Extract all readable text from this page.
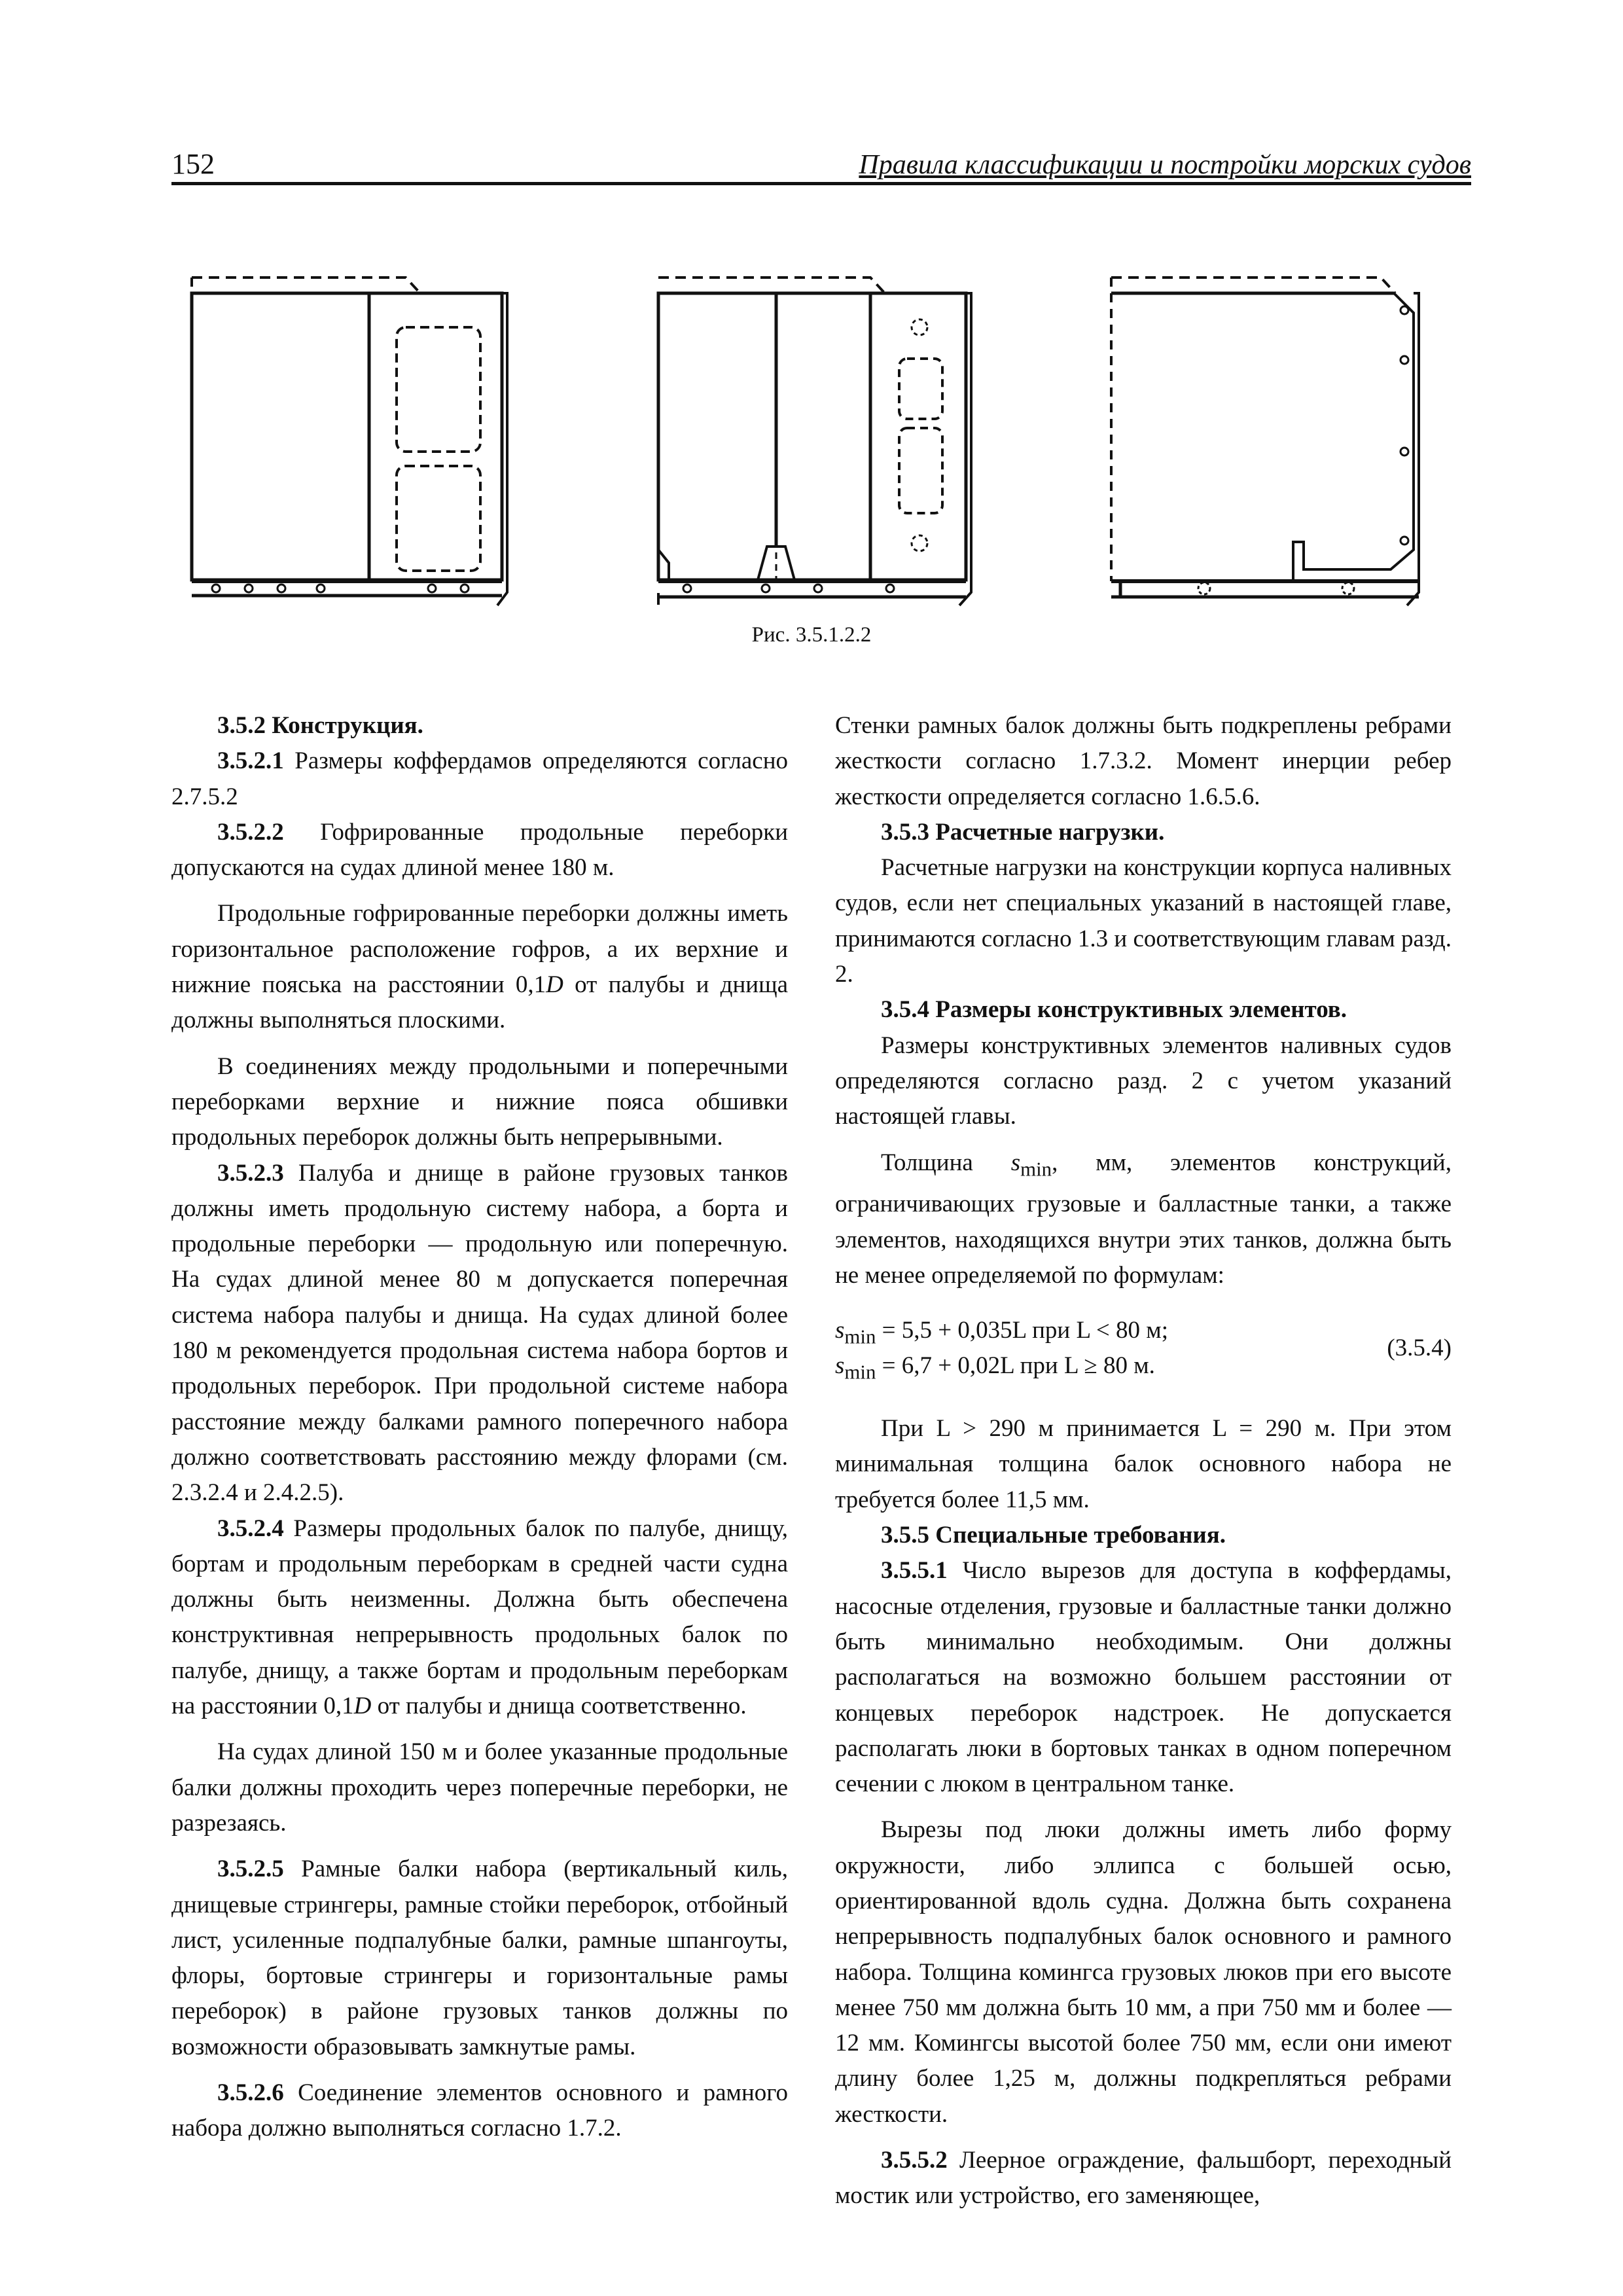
152	Правила классификации и постройки морских судов
Рис. 3.5.1.2.2

3.5.2 Конструкция.

3.5.2.1 Размеры коффердамов определяются согласно 2.7.5.2

3.5.2.2 Гофрированные продольные переборки допускаются на судах длиной менее 180 м.

Продольные гофрированные переборки должны иметь горизонтальное расположение гофров, а их верхние и нижние пояська на расстоянии 0,1D от палубы и днища должны выполняться плоскими.

В соединениях между продольными и поперечными переборками верхние и нижние пояса обшивки продольных переборок должны быть непрерывными.

3.5.2.3 Палуба и днище в районе грузовых танков должны иметь продольную систему набора, а борта и продольные переборки — продольную или поперечную. На судах длиной менее 80 м допускается поперечная система набора палубы и днища. На судах длиной более 180 м рекомендуется продольная система набора бортов и продольных переборок. При продольной системе набора расстояние между балками рамного поперечного набора должно соответствовать расстоянию между флорами (см. 2.3.2.4 и 2.4.2.5).

3.5.2.4 Размеры продольных балок по палубе, днищу, бортам и продольным переборкам в средней части судна должны быть неизменны. Должна быть обеспечена конструктивная непрерывность продольных балок по палубе, днищу, а также бортам и продольным переборкам на расстоянии 0,1D от палубы и днища соответственно.

На судах длиной 150 м и более указанные продольные балки должны проходить через поперечные переборки, не разрезаясь.

3.5.2.5 Рамные балки набора (вертикальный киль, днищевые стрингеры, рамные стойки переборок, отбойный лист, усиленные подпалубные балки, рамные шпангоуты, флоры, бортовые стрингеры и горизонтальные рамы переборок) в районе грузовых танков должны по возможности образовывать замкнутые рамы.

3.5.2.6 Соединение элементов основного и рамного набора должно выполняться согласно 1.7.2.

Стенки рамных балок должны быть подкреплены ребрами жесткости согласно 1.7.3.2. Момент инерции ребер жесткости определяется согласно 1.6.5.6.

3.5.3 Расчетные нагрузки.

Расчетные нагрузки на конструкции корпуса наливных судов, если нет специальных указаний в настоящей главе, принимаются согласно 1.3 и соответствующим главам разд. 2.

3.5.4 Размеры конструктивных элементов.

Размеры конструктивных элементов наливных судов определяются согласно разд. 2 с учетом указаний настоящей главы.

Толщина $s_{min}$, мм, элементов конструкций, ограничивающих грузовые и балластные танки, а также элементов, находящихся внутри этих танков, должна быть не менее определяемой по формулам:

$s_{min} = 5,5 + 0,035L$ при L < 80 м;
$s_{min} = 6,7 + 0,02L$ при L ≥ 80 м.
(3.5.4)

При L > 290 м принимается L = 290 м. При этом минимальная толщина балок основного набора не требуется более 11,5 мм.

3.5.5 Специальные требования.

3.5.5.1 Число вырезов для доступа в коффердамы, насосные отделения, грузовые и балластные танки должно быть минимально необходимым. Они должны располагаться на возможно большем расстоянии от концевых переборок надстроек. Не допускается располагать люки в бортовых танках в одном поперечном сечении с люком в центральном танке.

Вырезы под люки должны иметь либо форму окружности, либо эллипса с большей осью, ориентированной вдоль судна. Должна быть сохранена непрерывность подпалубных балок основного и рамного набора. Толщина комингса грузовых люков при его высоте менее 750 мм должна быть 10 мм, а при 750 мм и более — 12 мм. Комингсы высотой более 750 мм, если они имеют длину более 1,25 м, должны подкрепляться ребрами жесткости.

3.5.5.2 Леерное ограждение, фальшборт, переходный мостик или устройство, его заменяющее,
